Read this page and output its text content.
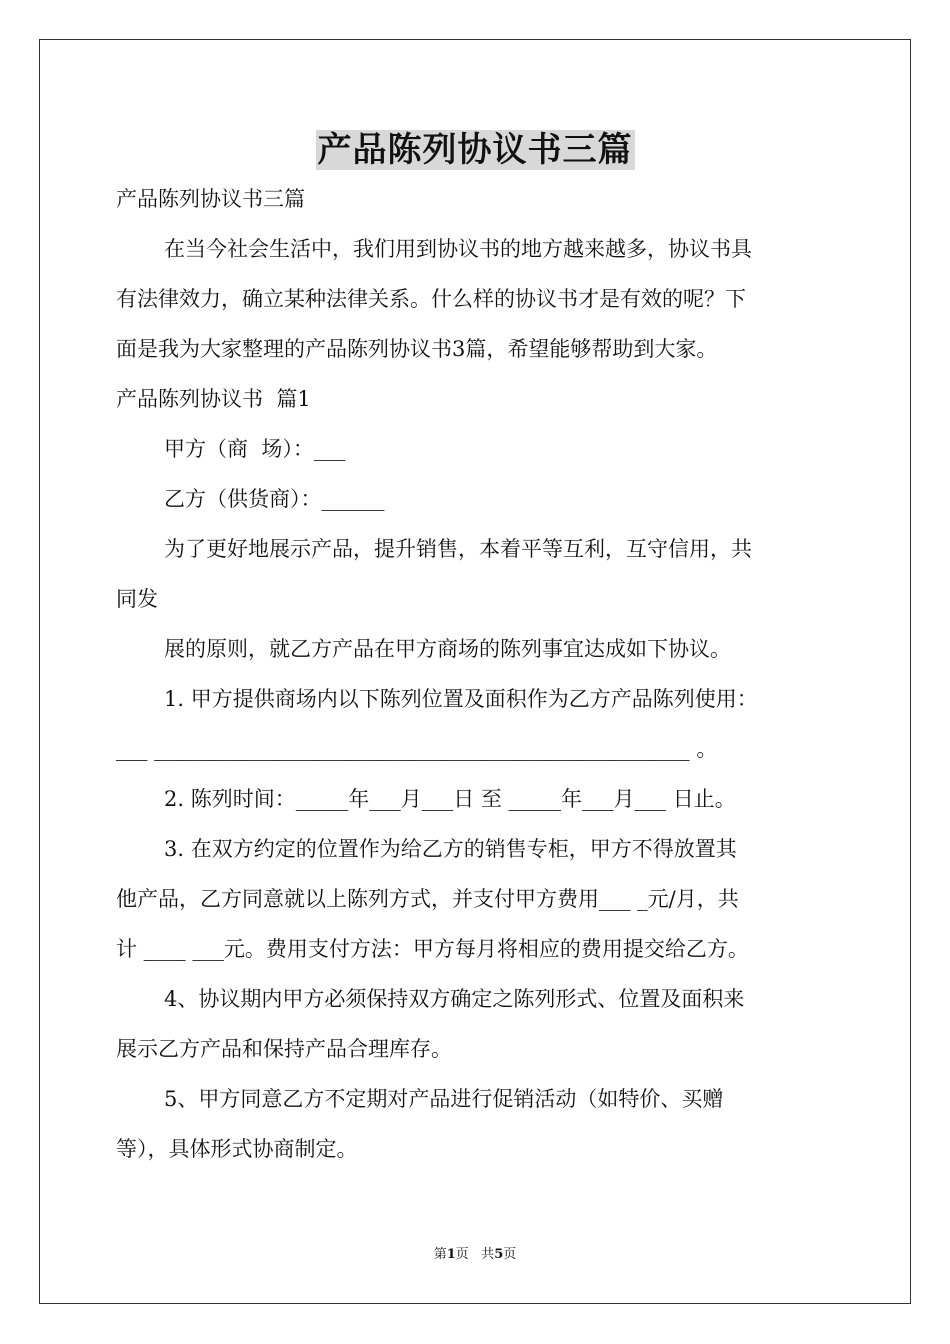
产品陈列协议书三篇
产品陈列协议书三篇
在当今社会生活中，我们用到协议书的地方越来越多，协议书具
有法律效力，确立某种法律关系。什么样的协议书才是有效的呢？下
面是我为大家整理的产品陈列协议书3篇，希望能够帮助到大家。
产品陈列协议书  篇1
甲方（商  场）：___
乙方（供货商）：______
为了更好地展示产品，提升销售，本着平等互利，互守信用，共
同发
展的原则，就乙方产品在甲方商场的陈列事宜达成如下协议。
1. 甲方提供商场内以下陈列位置及面积作为乙方产品陈列使用：
___ ___________________________________________________ 。
2. 陈列时间：_____年___月___日 至 _____年___月___ 日止。
3. 在双方约定的位置作为给乙方的销售专柜，甲方不得放置其
他产品，乙方同意就以上陈列方式，并支付甲方费用___ _元/月，共
计 ____ ___元。费用支付方法：甲方每月将相应的费用提交给乙方。
4、协议期内甲方必须保持双方确定之陈列形式、位置及面积来
展示乙方产品和保持产品合理库存。
5、甲方同意乙方不定期对产品进行促销活动（如特价、买赠
等），具体形式协商制定。
第1页 共5页
